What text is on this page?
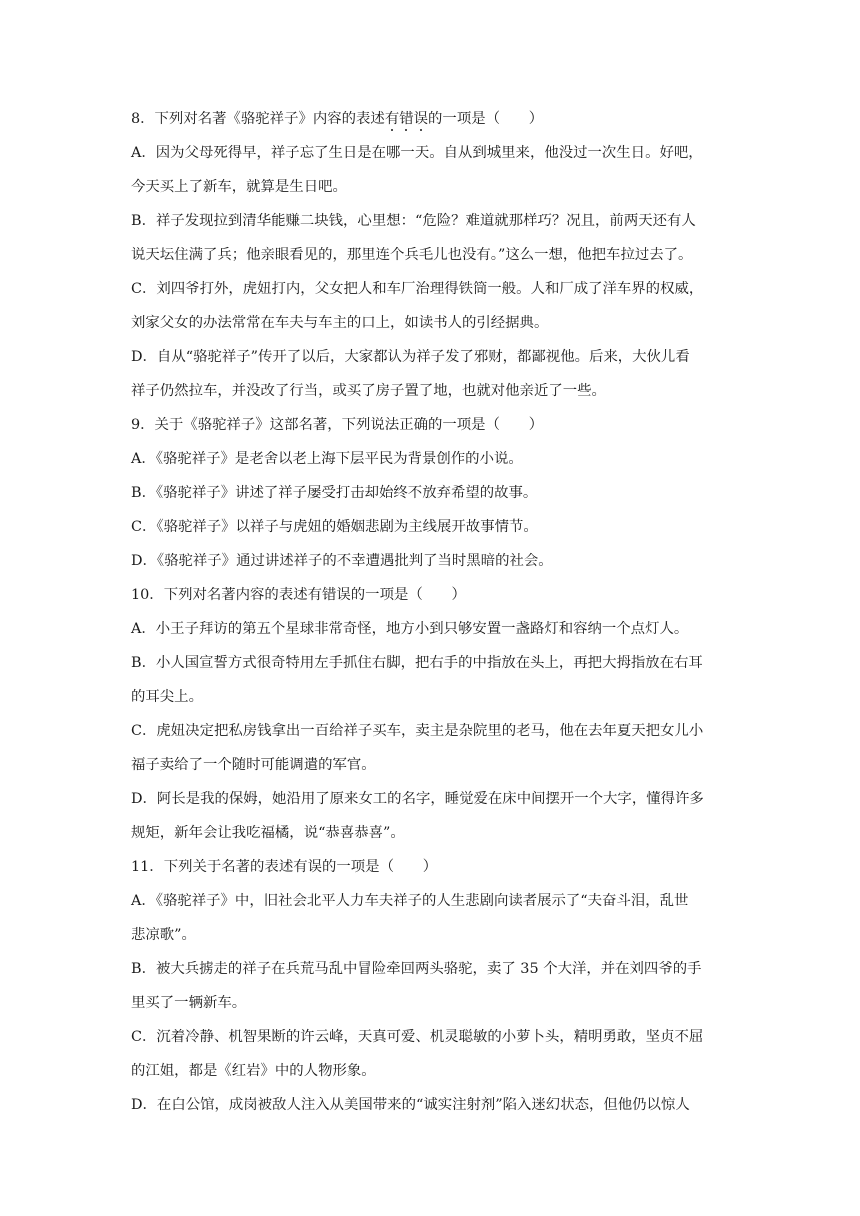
8．下列对名著《骆驼祥子》内容的表述有错误的一项是（　　）
A．因为父母死得早，祥子忘了生日是在哪一天。自从到城里来，他没过一次生日。好吧，
今天买上了新车，就算是生日吧。
B．祥子发现拉到清华能赚二块钱，心里想：“危险？难道就那样巧？况且，前两天还有人
说天坛住满了兵；他亲眼看见的，那里连个兵毛儿也没有。”这么一想，他把车拉过去了。
C．刘四爷打外，虎妞打内，父女把人和车厂治理得铁筒一般。人和厂成了洋车界的权威，
刘家父女的办法常常在车夫与车主的口上，如读书人的引经据典。
D．自从“骆驼祥子”传开了以后，大家都认为祥子发了邪财，都鄙视他。后来，大伙儿看
祥子仍然拉车，并没改了行当，或买了房子置了地，也就对他亲近了一些。
9．关于《骆驼祥子》这部名著，下列说法正确的一项是（　　）
A．《骆驼祥子》是老舍以老上海下层平民为背景创作的小说。
B．《骆驼祥子》讲述了祥子屡受打击却始终不放弃希望的故事。
C．《骆驼祥子》以祥子与虎妞的婚姻悲剧为主线展开故事情节。
D．《骆驼祥子》通过讲述祥子的不幸遭遇批判了当时黑暗的社会。
10．下列对名著内容的表述有错误的一项是（　　）
A．小王子拜访的第五个星球非常奇怪，地方小到只够安置一盏路灯和容纳一个点灯人。
B．小人国宣誓方式很奇特用左手抓住右脚，把右手的中指放在头上，再把大拇指放在右耳
的耳尖上。
C．虎妞决定把私房钱拿出一百给祥子买车，卖主是杂院里的老马，他在去年夏天把女儿小
福子卖给了一个随时可能调遣的军官。
D．阿长是我的保姆，她沿用了原来女工的名字，睡觉爱在床中间摆开一个大字，懂得许多
规矩，新年会让我吃福橘，说“恭喜恭喜”。
11．下列关于名著的表述有误的一项是（　　）
A．《骆驼祥子》中，旧社会北平人力车夫祥子的人生悲剧向读者展示了“夫奋斗泪，乱世
悲凉歌”。
B．被大兵掳走的祥子在兵荒马乱中冒险牵回两头骆驼，卖了 35 个大洋，并在刘四爷的手
里买了一辆新车。
C．沉着冷静、机智果断的许云峰，天真可爱、机灵聪敏的小萝卜头，精明勇敢，坚贞不屈
的江姐，都是《红岩》中的人物形象。
D．在白公馆，成岗被敌人注入从美国带来的“诚实注射剂”陷入迷幻状态，但他仍以惊人
